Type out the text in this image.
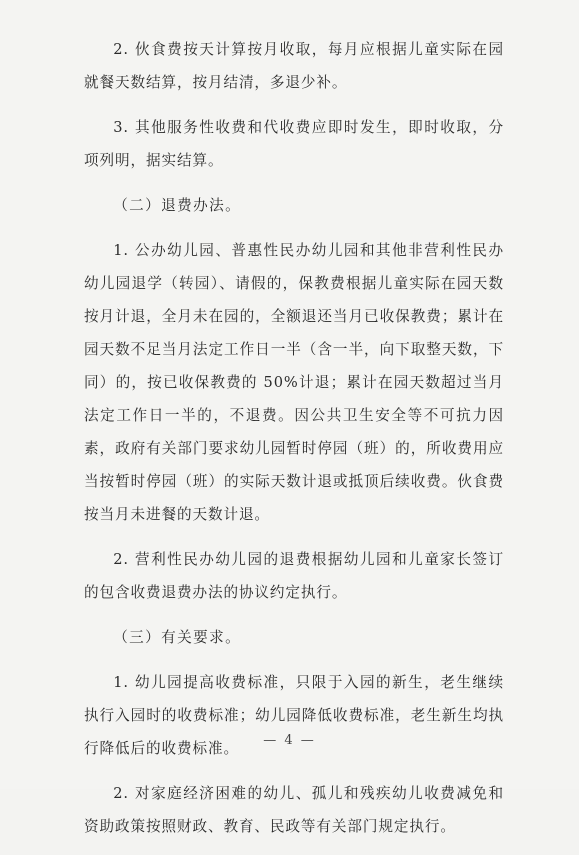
2. 伙食费按天计算按月收取，每月应根据儿童实际在园就餐天数结算，按月结清，多退少补。

3. 其他服务性收费和代收费应即时发生，即时收取，分项列明，据实结算。

（二）退费办法。

1. 公办幼儿园、普惠性民办幼儿园和其他非营利性民办幼儿园退学（转园）、请假的，保教费根据儿童实际在园天数按月计退，全月未在园的，全额退还当月已收保教费；累计在园天数不足当月法定工作日一半（含一半，向下取整天数，下同）的，按已收保教费的 50%计退；累计在园天数超过当月法定工作日一半的，不退费。因公共卫生安全等不可抗力因素，政府有关部门要求幼儿园暂时停园（班）的，所收费用应当按暂时停园（班）的实际天数计退或抵顶后续收费。伙食费按当月未进餐的天数计退。

2. 营利性民办幼儿园的退费根据幼儿园和儿童家长签订的包含收费退费办法的协议约定执行。

（三）有关要求。

1. 幼儿园提高收费标准，只限于入园的新生，老生继续执行入园时的收费标准；幼儿园降低收费标准，老生新生均执行降低后的收费标准。

2. 对家庭经济困难的幼儿、孤儿和残疾幼儿收费减免和资助政策按照财政、教育、民政等有关部门规定执行。

— 4 —
